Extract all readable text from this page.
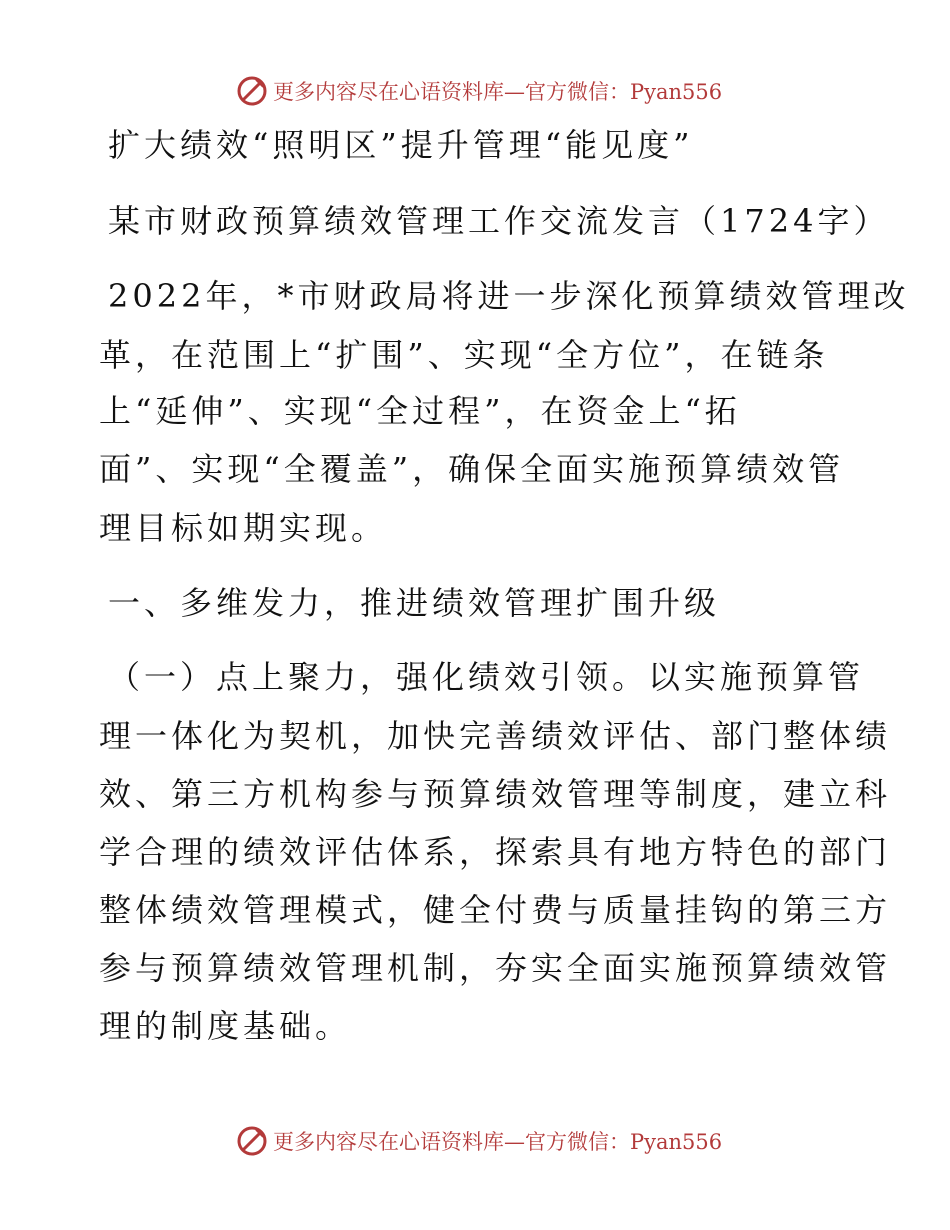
更多内容尽在心语资料库—官方微信：Pyan556
扩大绩效“照明区”提升管理“能见度”
某市财政预算绩效管理工作交流发言（1724字）
2022年，*市财政局将进一步深化预算绩效管理改
革，在范围上“扩围”、实现“全方位”，在链条
上“延伸”、实现“全过程”，在资金上“拓
面”、实现“全覆盖”，确保全面实施预算绩效管
理目标如期实现。
一、多维发力，推进绩效管理扩围升级
（一）点上聚力，强化绩效引领。以实施预算管
理一体化为契机，加快完善绩效评估、部门整体绩
效、第三方机构参与预算绩效管理等制度，建立科
学合理的绩效评估体系，探索具有地方特色的部门
整体绩效管理模式，健全付费与质量挂钩的第三方
参与预算绩效管理机制，夯实全面实施预算绩效管
理的制度基础。
更多内容尽在心语资料库—官方微信：Pyan556
